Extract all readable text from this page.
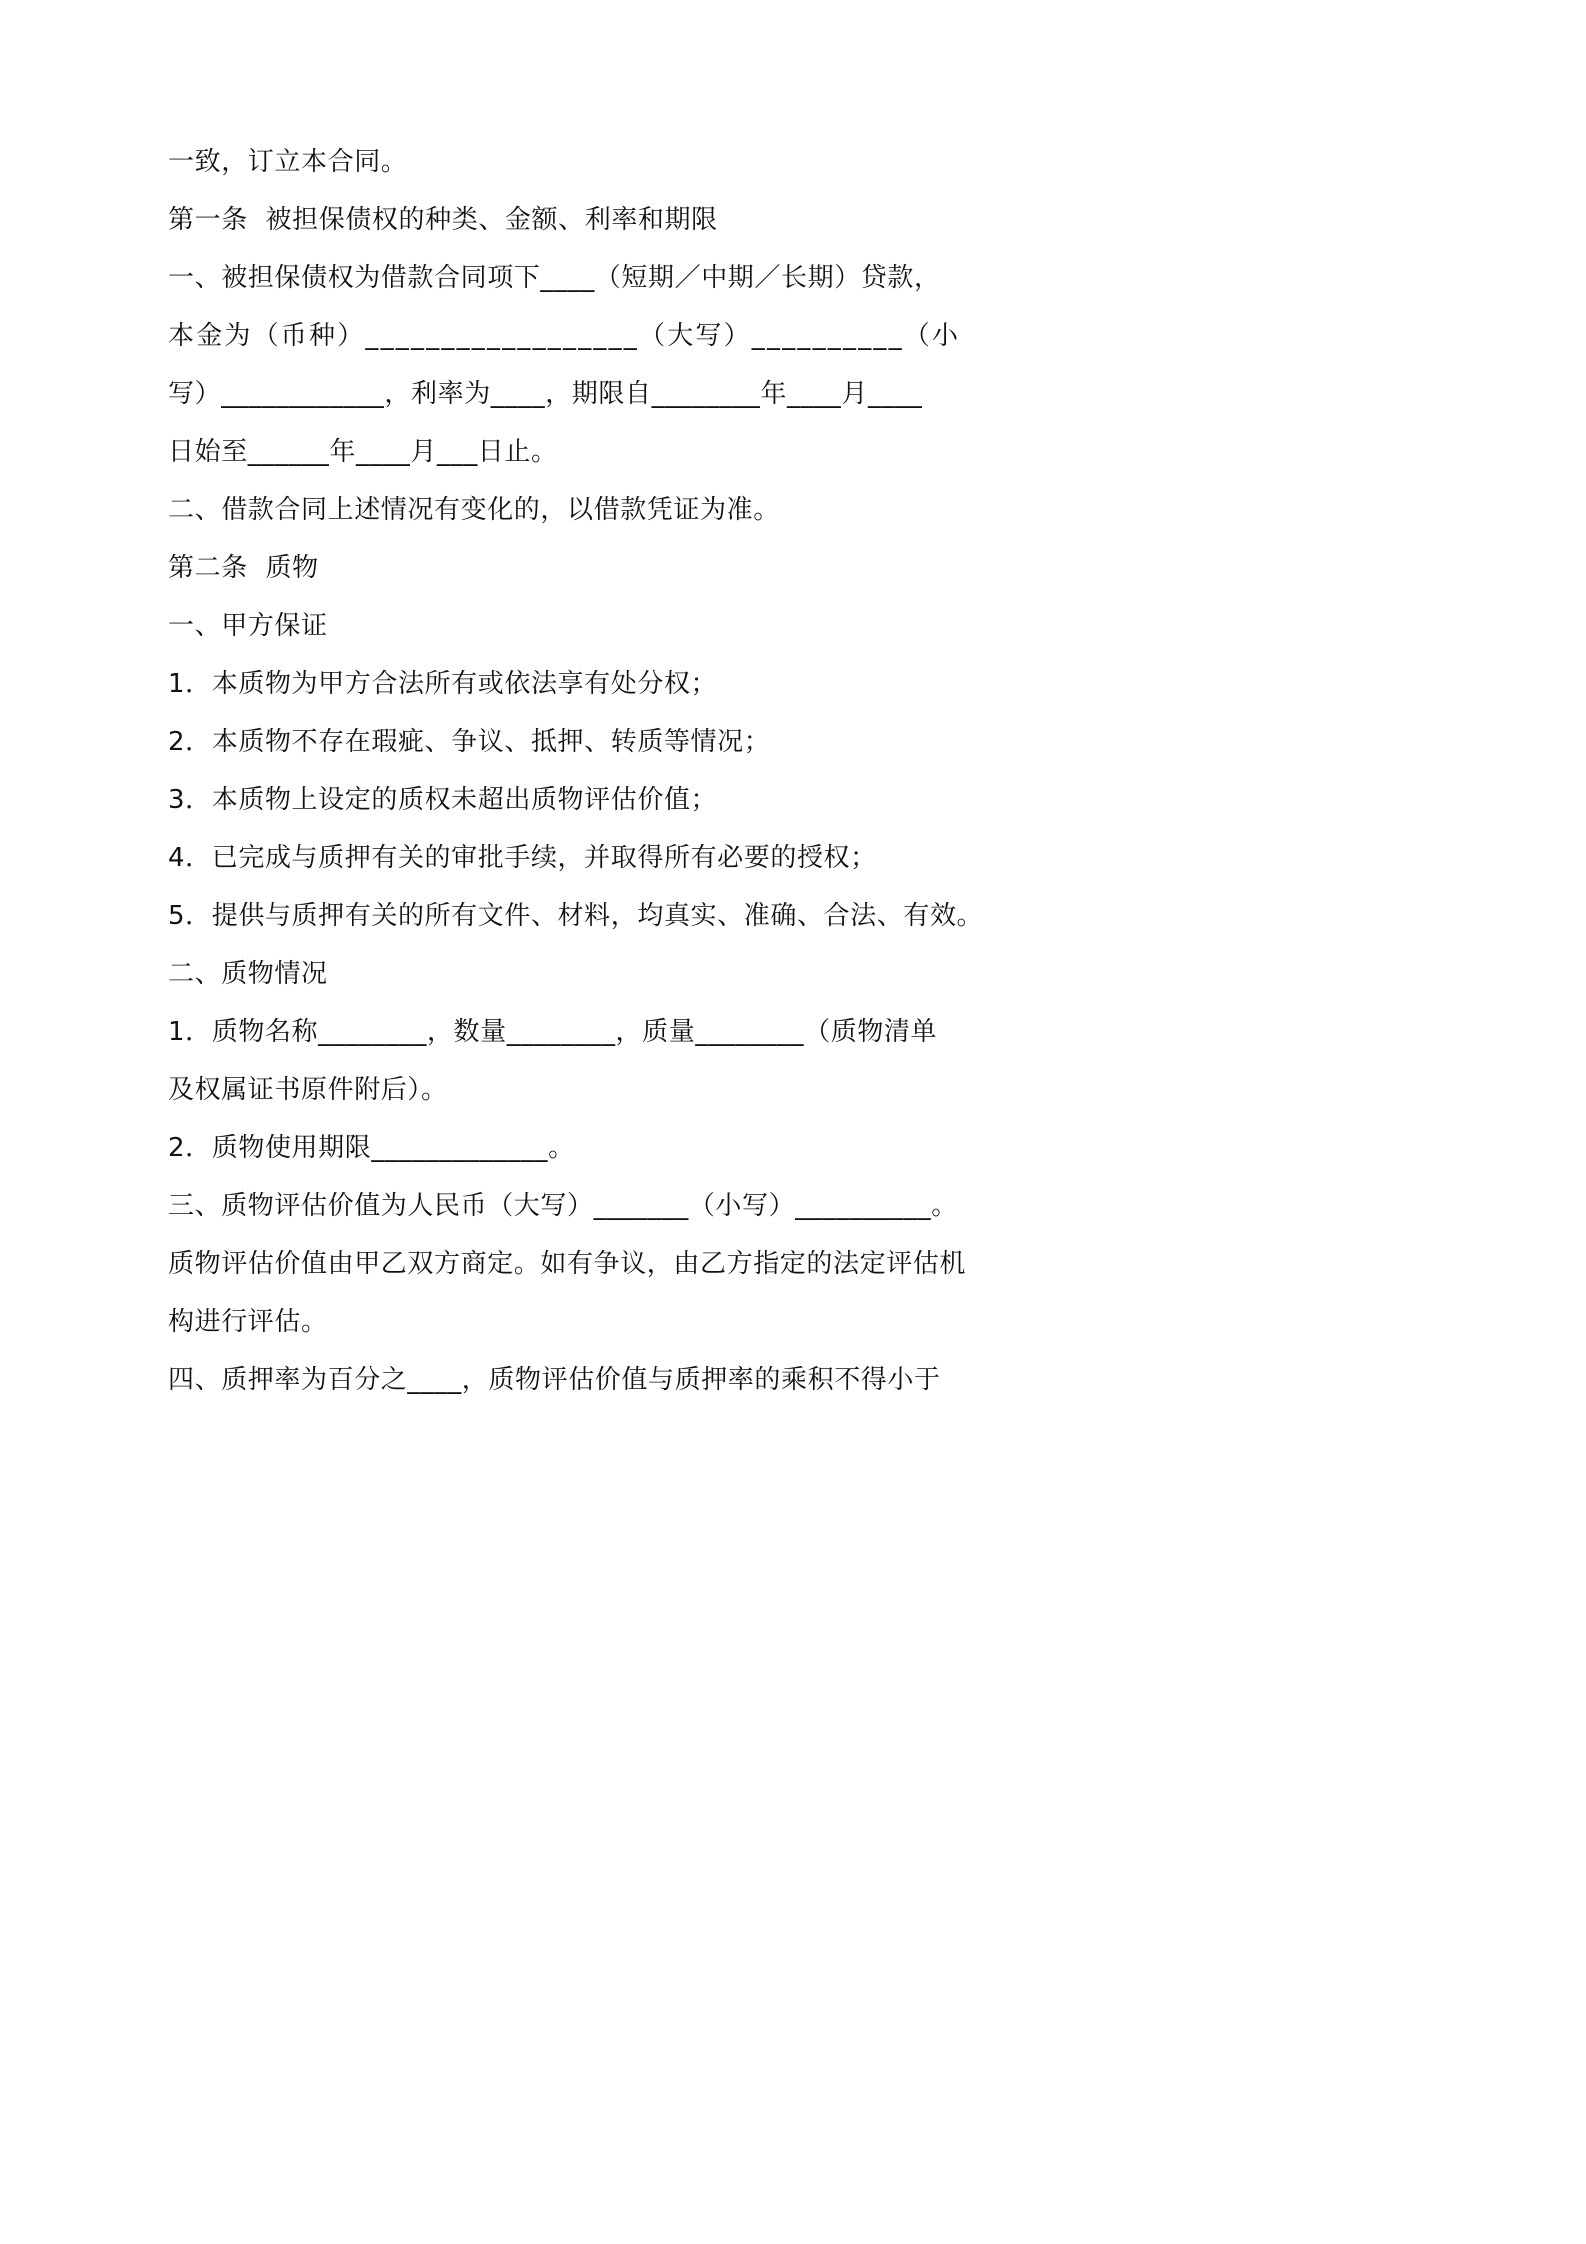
一致，订立本合同。
第一条  被担保债权的种类、金额、利率和期限
一、被担保债权为借款合同项下____（短期／中期／长期）贷款，
本金为（币种）__________________（大写）__________（小
写）____________，利率为____，期限自________年____月____
日始至______年____月___日止。
二、借款合同上述情况有变化的，以借款凭证为准。
第二条  质物
一、甲方保证
1．本质物为甲方合法所有或依法享有处分权；
2．本质物不存在瑕疵、争议、抵押、转质等情况；
3．本质物上设定的质权未超出质物评估价值；
4．已完成与质押有关的审批手续，并取得所有必要的授权；
5．提供与质押有关的所有文件、材料，均真实、准确、合法、有效。
二、质物情况
1．质物名称________，数量________，质量________（质物清单
及权属证书原件附后）。
2．质物使用期限_____________。
三、质物评估价值为人民币（大写）_______（小写）__________。
质物评估价值由甲乙双方商定。如有争议，由乙方指定的法定评估机
构进行评估。
四、质押率为百分之____，质物评估价值与质押率的乘积不得小于
